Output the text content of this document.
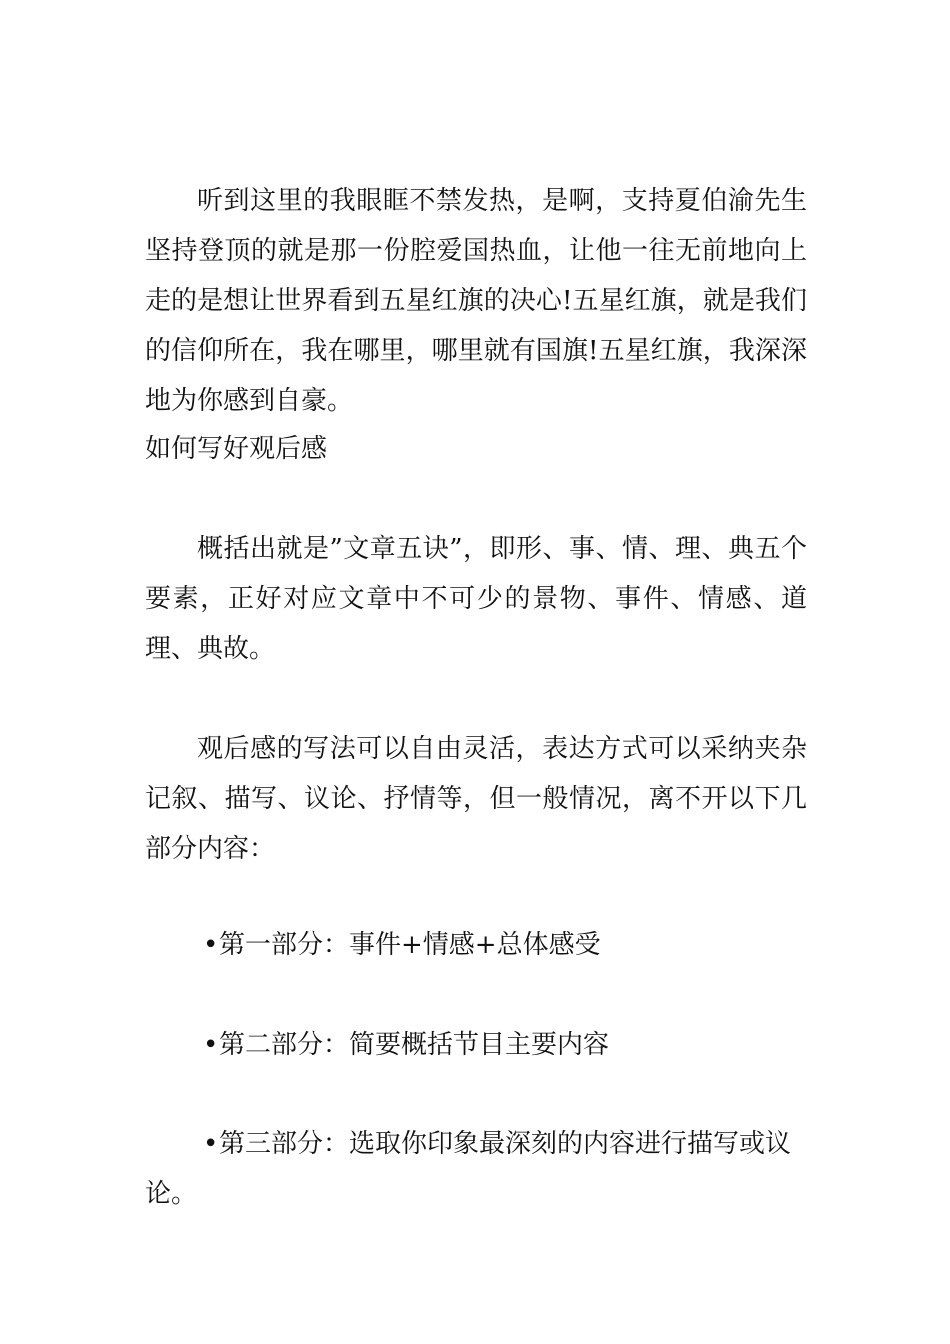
听到这里的我眼眶不禁发热，是啊，支持夏伯渝先生坚持登顶的就是那一份腔爱国热血，让他一往无前地向上走的是想让世界看到五星红旗的决心!五星红旗，就是我们的信仰所在，我在哪里，哪里就有国旗!五星红旗，我深深地为你感到自豪。

如何写好观后感

概括出就是”文章五诀”，即形、事、情、理、典五个要素，正好对应文章中不可少的景物、事件、情感、道理、典故。

观后感的写法可以自由灵活，表达方式可以采纳夹杂记叙、描写、议论、抒情等，但一般情况，离不开以下几部分内容：

•第一部分：事件+情感+总体感受

•第二部分：简要概括节目主要内容

•第三部分：选取你印象最深刻的内容进行描写或议论。
